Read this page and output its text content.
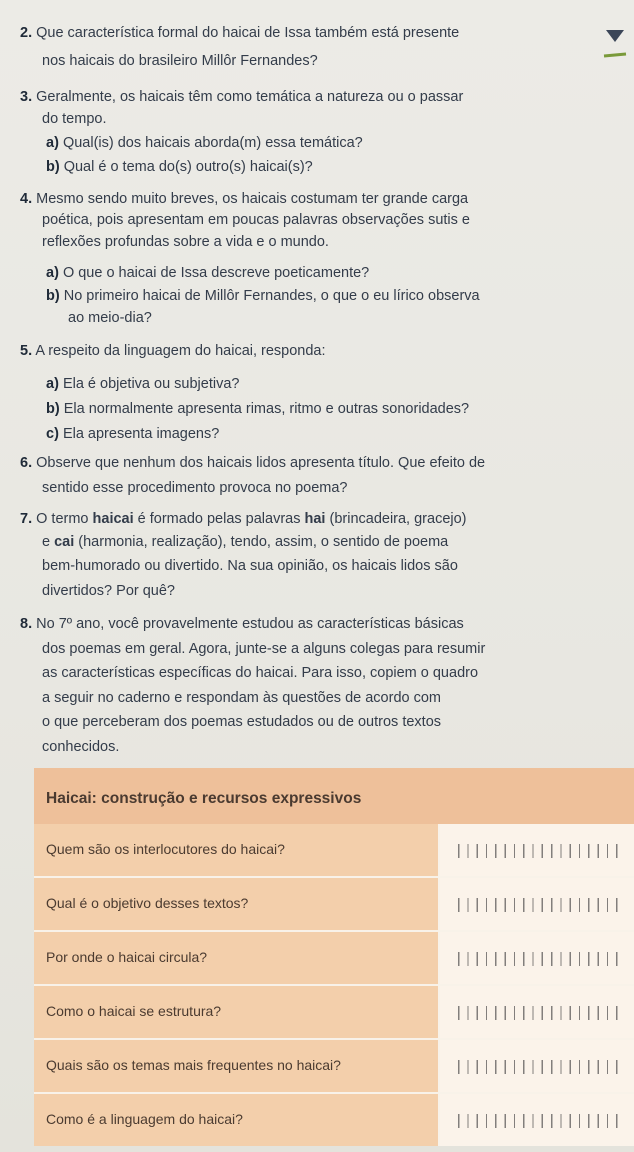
2. Que característica formal do haicai de Issa também está presente
nos haicais do brasileiro Millôr Fernandes?
3. Geralmente, os haicais têm como temática a natureza ou o passar
do tempo.
a) Qual(is) dos haicais aborda(m) essa temática?
b) Qual é o tema do(s) outro(s) haicai(s)?
4. Mesmo sendo muito breves, os haicais costumam ter grande carga
poética, pois apresentam em poucas palavras observações sutis e
reflexões profundas sobre a vida e o mundo.
a) O que o haicai de Issa descreve poeticamente?
b) No primeiro haicai de Millôr Fernandes, o que o eu lírico observa
ao meio-dia?
5. A respeito da linguagem do haicai, responda:
a) Ela é objetiva ou subjetiva?
b) Ela normalmente apresenta rimas, ritmo e outras sonoridades?
c) Ela apresenta imagens?
6. Observe que nenhum dos haicais lidos apresenta título. Que efeito de
sentido esse procedimento provoca no poema?
7. O termo haicai é formado pelas palavras hai (brincadeira, gracejo)
e cai (harmonia, realização), tendo, assim, o sentido de poema
bem-humorado ou divertido. Na sua opinião, os haicais lidos são
divertidos? Por quê?
8. No 7º ano, você provavelmente estudou as características básicas
dos poemas em geral. Agora, junte-se a alguns colegas para resumir
as características específicas do haicai. Para isso, copiem o quadro
a seguir no caderno e respondam às questões de acordo com
o que perceberam dos poemas estudados ou de outros textos
conhecidos.
Haicai: construção e recursos expressivos
Quem são os interlocutores do haicai?
Qual é o objetivo desses textos?
Por onde o haicai circula?
Como o haicai se estrutura?
Quais são os temas mais frequentes no haicai?
Como é a linguagem do haicai?
